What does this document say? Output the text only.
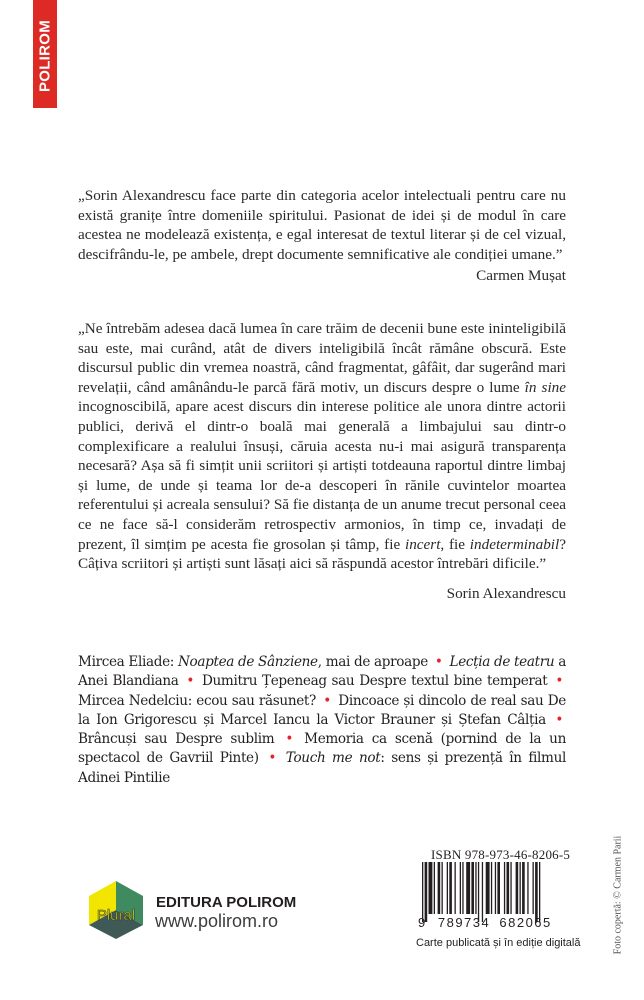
POLIROM

„Sorin Alexandrescu face parte din categoria acelor intelectuali pentru care nu există granițe între domeniile spiritului. Pasionat de idei și de modul în care acestea ne modelează existența, e egal interesat de textul literar și de cel vizual, descifrându-le, pe ambele, drept documente semnificative ale condiției umane.”

Carmen Mușat

„Ne întrebăm adesea dacă lumea în care trăim de decenii bune este ininteligibilă sau este, mai curând, atât de divers inteligibilă încât rămâne obscură. Este discursul public din vremea noastră, când fragmentat, gâfâit, dar sugerând mari revelații, când amânându-le parcă fără motiv, un discurs despre o lume în sine incognoscibilă, apare acest discurs din interese politice ale unora dintre actorii publici, derivă el dintr-o boală mai generală a limbajului sau dintr-o complexificare a realului însuși, căruia acesta nu-i mai asigură transparența necesară? Așa să fi simțit unii scriitori și artiști totdeauna raportul dintre limbaj și lume, de unde și teama lor de-a descoperi în rănile cuvintelor moartea referentului și acreala sensului? Să fie distanța de un anume trecut personal ceea ce ne face să-l considerăm retrospectiv armonios, în timp ce, invadați de prezent, îl simțim pe acesta fie grosolan și tâmp, fie incert, fie indeterminabil? Câțiva scriitori și artiști sunt lăsați aici să răspundă acestor întrebări dificile.”

Sorin Alexandrescu

Mircea Eliade: Noaptea de Sânziene, mai de aproape • Lecția de teatru a Anei Blandiana • Dumitru Țepeneag sau Despre textul bine temperat • Mircea Nedelciu: ecou sau răsunet? • Dincoace și dincolo de real sau De la Ion Grigorescu și Marcel Iancu la Victor Brauner și Ștefan Câlția • Brâncuși sau Despre sublim • Memoria ca scenă (pornind de la un spectacol de Gavriil Pinte) • Touch me not: sens și prezență în filmul Adinei Pintilie
Foto copertă: © Carmen Parii
ISBN 978-973-46-8206-5
9 789734 682065
Carte publicată și în ediție digitală
Plural
EDITURA POLIROM
www.polirom.ro
